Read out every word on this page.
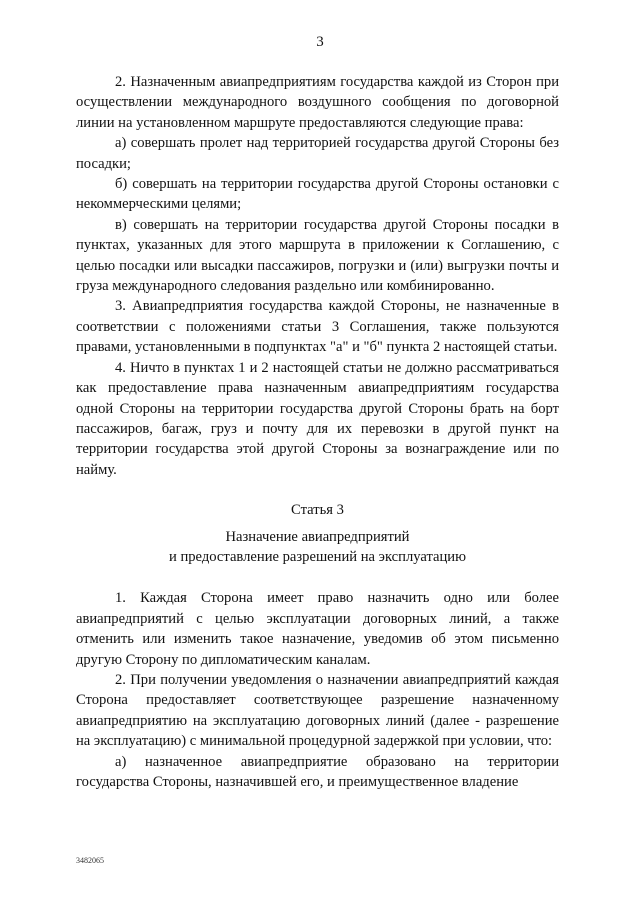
3

2. Назначенным авиапредприятиям государства каждой из Сторон при осуществлении международного воздушного сообщения по договорной линии на установленном маршруте предоставляются следующие права:

а) совершать пролет над территорией государства другой Стороны без посадки;

б) совершать на территории государства другой Стороны остановки с некоммерческими целями;

в) совершать на территории государства другой Стороны посадки в пунктах, указанных для этого маршрута в приложении к Соглашению, с целью посадки или высадки пассажиров, погрузки и (или) выгрузки почты и груза международного следования раздельно или комбинированно.

3. Авиапредприятия государства каждой Стороны, не назначенные в соответствии с положениями статьи 3 Соглашения, также пользуются правами, установленными в подпунктах "а" и "б" пункта 2 настоящей статьи.

4. Ничто в пунктах 1 и 2 настоящей статьи не должно рассматриваться как предоставление права назначенным авиапредприятиям государства одной Стороны на территории государства другой Стороны брать на борт пассажиров, багаж, груз и почту для их перевозки в другой пункт на территории государства этой другой Стороны за вознаграждение или по найму.

Статья 3
Назначение авиапредприятий
и предоставление разрешений на эксплуатацию

1. Каждая Сторона имеет право назначить одно или более авиапредприятий с целью эксплуатации договорных линий, а также отменить или изменить такое назначение, уведомив об этом письменно другую Сторону по дипломатическим каналам.

2. При получении уведомления о назначении авиапредприятий каждая Сторона предоставляет соответствующее разрешение назначенному авиапредприятию на эксплуатацию договорных линий (далее - разрешение на эксплуатацию) с минимальной процедурной задержкой при условии, что:

а) назначенное авиапредприятие образовано на территории государства Стороны, назначившей его, и преимущественное владение

3482065
